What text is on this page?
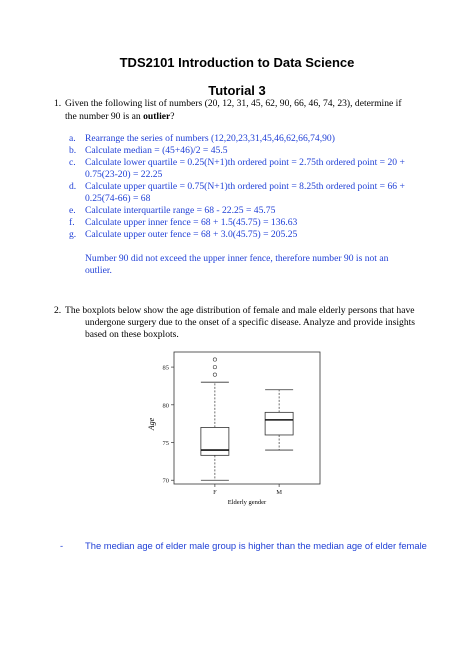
TDS2101 Introduction to Data Science
Tutorial 3
1. Given the following list of numbers (20, 12, 31, 45, 62, 90, 66, 46, 74, 23), determine if
the number 90 is an outlier?
a. Rearrange the series of numbers (12,20,23,31,45,46,62,66,74,90)
b. Calculate median = (45+46)/2 = 45.5
c. Calculate lower quartile = 0.25(N+1)th ordered point = 2.75th ordered point = 20 +
0.75(23-20) = 22.25
d. Calculate upper quartile = 0.75(N+1)th ordered point = 8.25th ordered point = 66 +
0.25(74-66) = 68
e. Calculate interquartile range = 68 - 22.25 = 45.75
f. Calculate upper inner fence = 68 + 1.5(45.75) = 136.63
g. Calculate upper outer fence = 68 + 3.0(45.75) = 205.25
Number 90 did not exceed the upper inner fence, therefore number 90 is not an
outlier.
2. The boxplots below show the age distribution of female and male elderly persons that have
undergone surgery due to the onset of a specific disease. Analyze and provide insights
based on these boxplots.
70
75
80
85
F	M
Age
Elderly gender
- The median age of elder male group is higher than the median age of elder female
